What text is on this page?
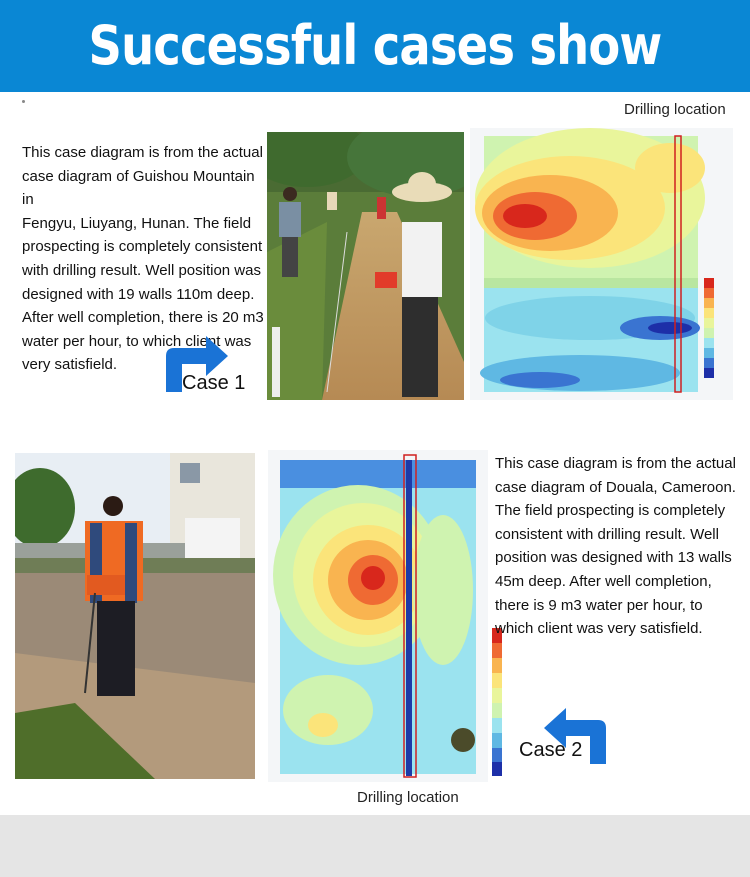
Successful cases show
Drilling location
This case diagram is from the actual
case diagram of Guishou Mountain in
Fengyu, Liuyang, Hunan. The field
prospecting is completely consistent
with drilling result. Well position was
designed with 19 walls 110m deep.
After well completion, there is 20 m3
water per hour, to which client was
very satisfield.
Case 1
This case diagram is from the actual
case diagram of Douala, Cameroon.
The field prospecting is completely
consistent with drilling result. Well
position was designed with 13 walls
45m deep. After well completion,
there is 9 m3 water per hour, to
which client was very satisfield.
Case 2
Drilling location
